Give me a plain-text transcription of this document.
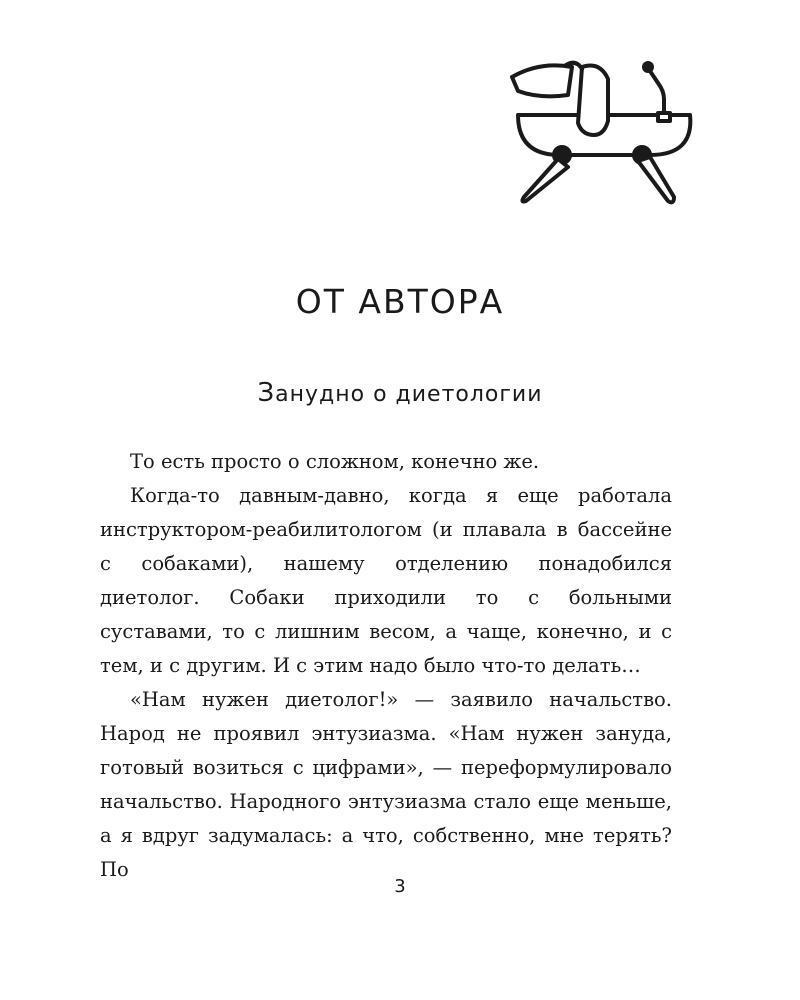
ОТ АВТОРА
Занудно о диетологии

То есть просто о сложном, конечно же.

Когда-то давным-давно, когда я еще работала инструктором-реабилитологом (и плавала в бассейне с собаками), нашему отделению понадобился диетолог. Собаки приходили то с больными суставами, то с лишним весом, а чаще, конечно, и с тем, и с другим. И с этим надо было что-то делать…

«Нам нужен диетолог!» — заявило начальство. Народ не проявил энтузиазма. «Нам нужен зануда, готовый возиться с цифрами», — переформулировало начальство. Народного энтузиазма стало еще меньше, а я вдруг задумалась: а что, собственно, мне терять? По

3
